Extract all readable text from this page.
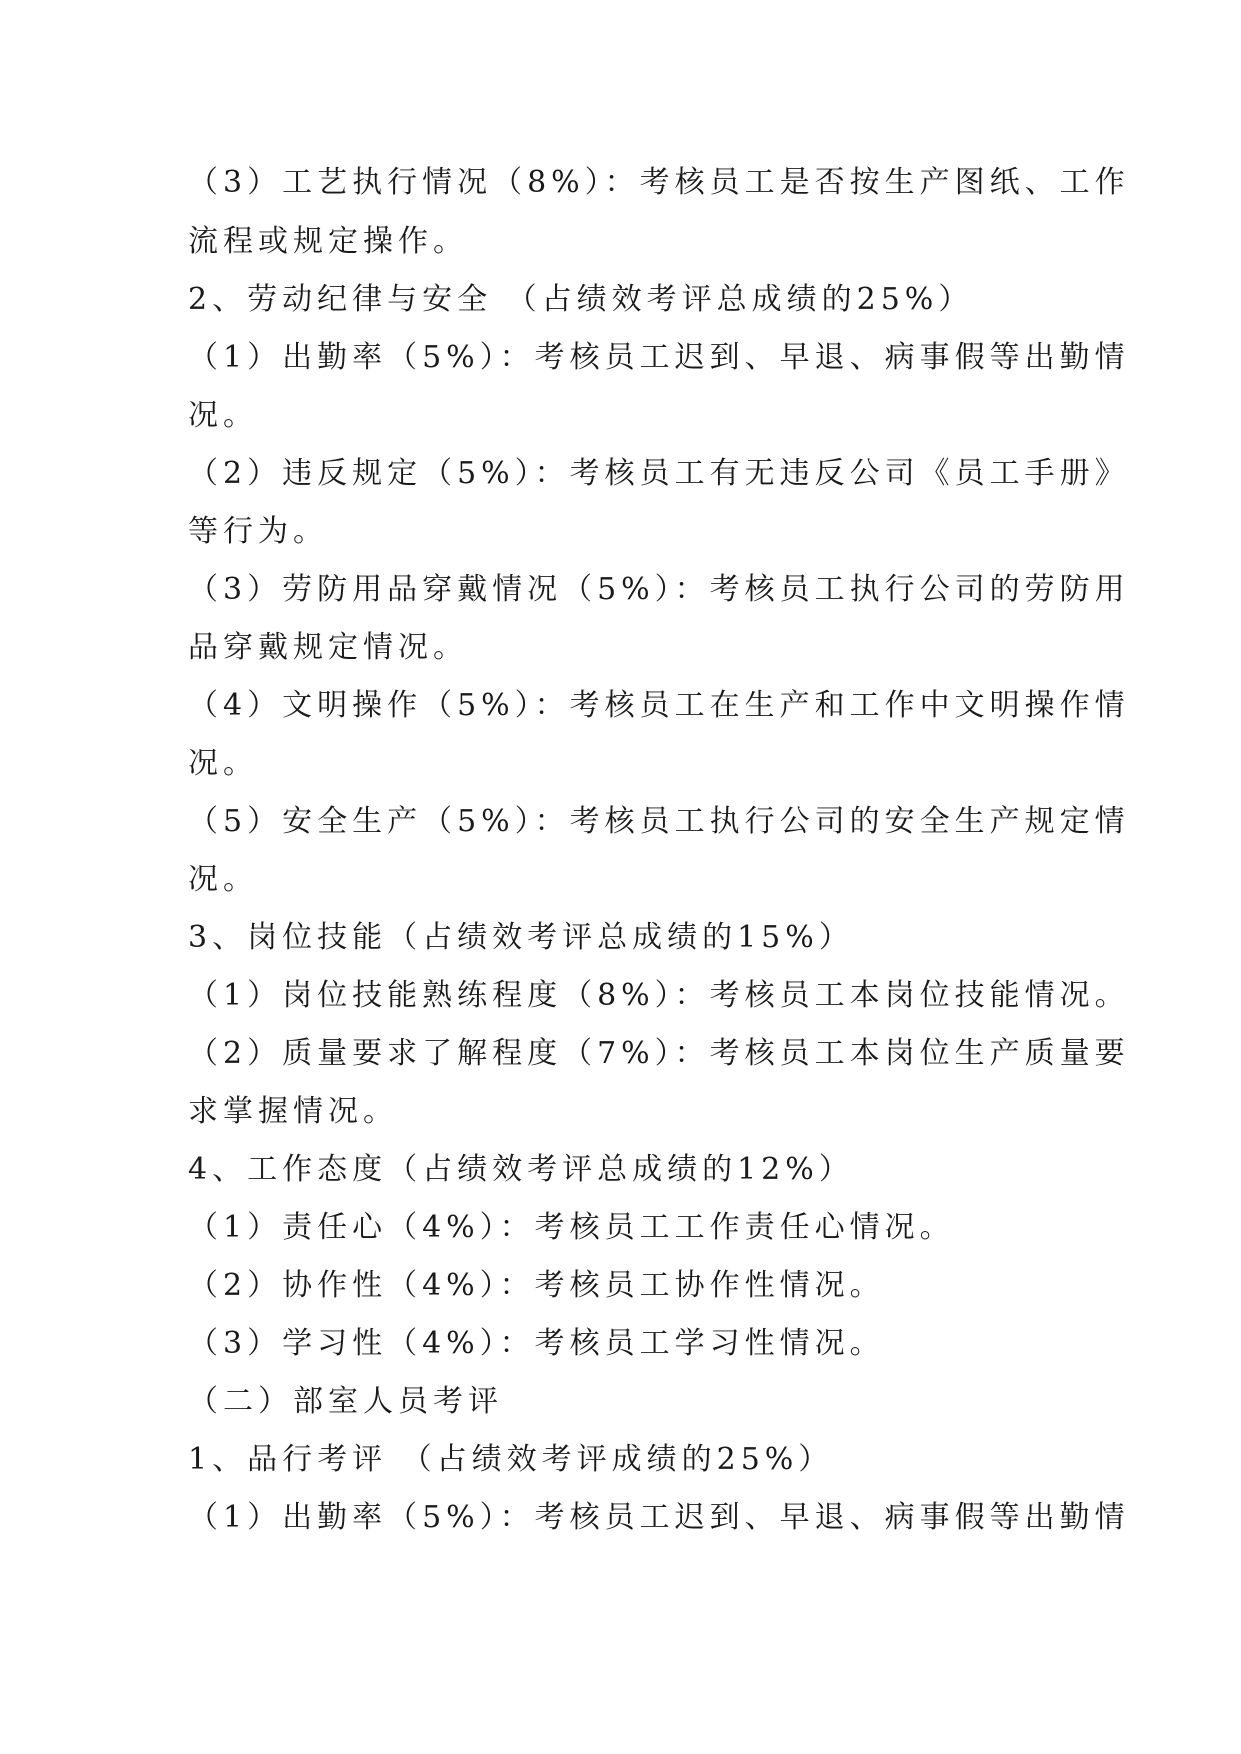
（3）工艺执行情况（8%）：考核员工是否按生产图纸、工作
流程或规定操作。
2、劳动纪律与安全 （占绩效考评总成绩的25%）
（1）出勤率（5%）：考核员工迟到、早退、病事假等出勤情
况。
（2）违反规定（5%）：考核员工有无违反公司《员工手册》
等行为。
（3）劳防用品穿戴情况（5%）：考核员工执行公司的劳防用
品穿戴规定情况。
（4）文明操作（5%）：考核员工在生产和工作中文明操作情
况。
（5）安全生产（5%）：考核员工执行公司的安全生产规定情
况。
3、岗位技能（占绩效考评总成绩的15%）
（1）岗位技能熟练程度（8%）：考核员工本岗位技能情况。
（2）质量要求了解程度（7%）：考核员工本岗位生产质量要
求掌握情况。
4、工作态度（占绩效考评总成绩的12%）
（1）责任心（4%）：考核员工工作责任心情况。
（2）协作性（4%）：考核员工协作性情况。
（3）学习性（4%）：考核员工学习性情况。
（二）部室人员考评
1、品行考评 （占绩效考评成绩的25%）
（1）出勤率（5%）：考核员工迟到、早退、病事假等出勤情
